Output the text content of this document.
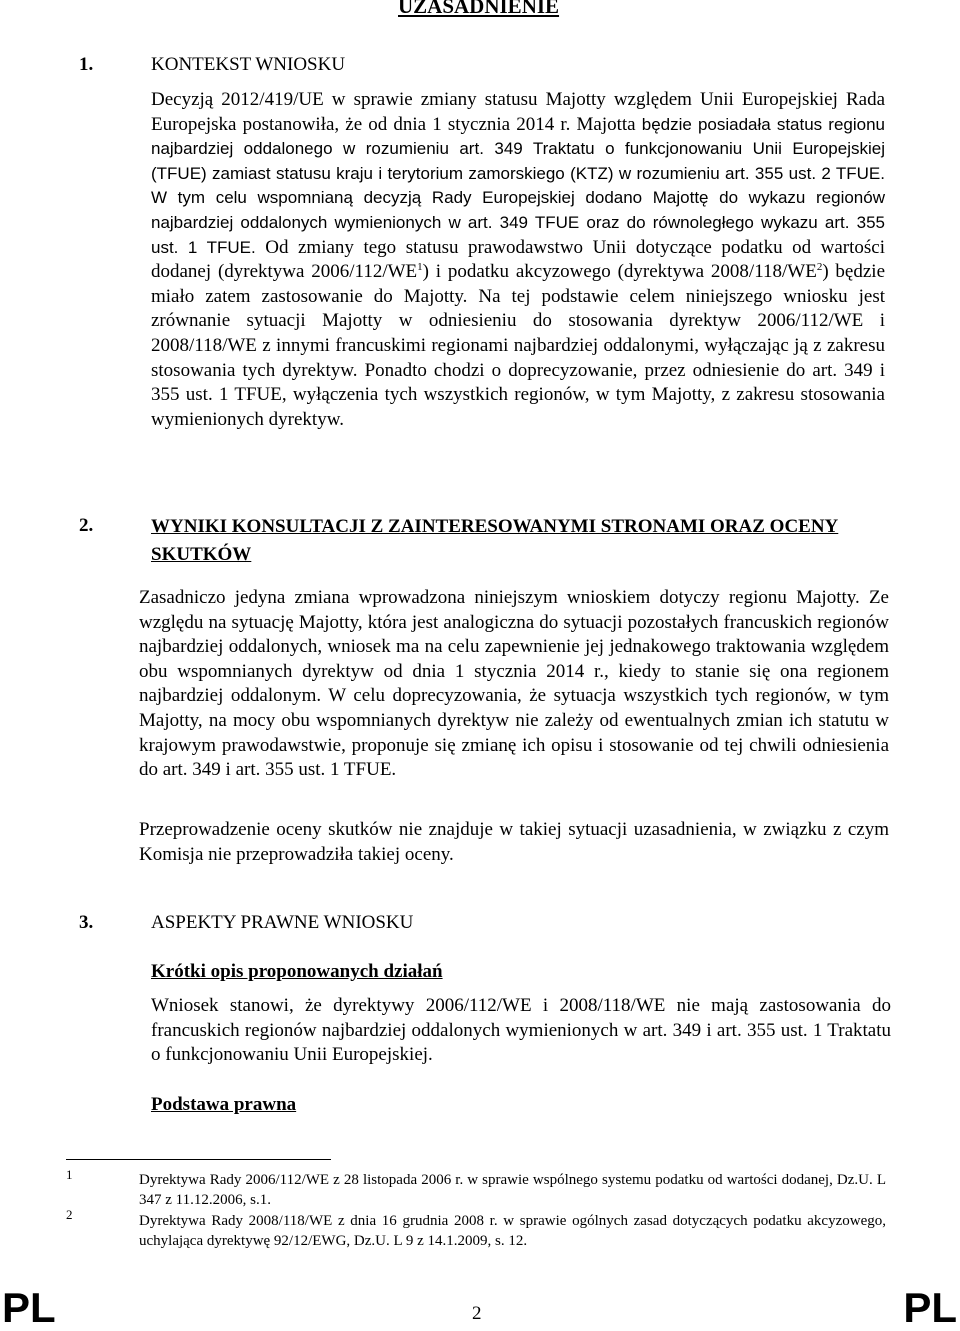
UZASADNIENIE
1.	KONTEKST WNIOSKU
Decyzją 2012/419/UE w sprawie zmiany statusu Majotty względem Unii Europejskiej Rada Europejska postanowiła, że od dnia 1 stycznia 2014 r. Majotta będzie posiadała status regionu najbardziej oddalonego w rozumieniu art. 349 Traktatu o funkcjonowaniu Unii Europejskiej (TFUE) zamiast statusu kraju i terytorium zamorskiego (KTZ) w rozumieniu art. 355 ust. 2 TFUE. W tym celu wspomnianą decyzją Rady Europejskiej dodano Majottę do wykazu regionów najbardziej oddalonych wymienionych w art. 349 TFUE oraz do równoległego wykazu art. 355 ust. 1 TFUE. Od zmiany tego statusu prawodawstwo Unii dotyczące podatku od wartości dodanej (dyrektywa $2006/112/WE^1$) i podatku akcyzowego (dyrektywa $2008/118/WE^2$) będzie miało zatem zastosowanie do Majotty. Na tej podstawie celem niniejszego wniosku jest zrównanie sytuacji Majotty w odniesieniu do stosowania dyrektyw 2006/112/WE i 2008/118/WE z innymi francuskimi regionami najbardziej oddalonymi, wyłączając ją z zakresu stosowania tych dyrektyw. Ponadto chodzi o doprecyzowanie, przez odniesienie do art. 349 i 355 ust. 1 TFUE, wyłączenia tych wszystkich regionów, w tym Majotty, z zakresu stosowania wymienionych dyrektyw.
2.	WYNIKI KONSULTACJI Z ZAINTERESOWANYMI STRONAMI ORAZ OCENY SKUTKÓW
Zasadniczo jedyna zmiana wprowadzona niniejszym wnioskiem dotyczy regionu Majotty. Ze względu na sytuację Majotty, która jest analogiczna do sytuacji pozostałych francuskich regionów najbardziej oddalonych, wniosek ma na celu zapewnienie jej jednakowego traktowania względem obu wspomnianych dyrektyw od dnia 1 stycznia 2014 r., kiedy to stanie się ona regionem najbardziej oddalonym. W celu doprecyzowania, że sytuacja wszystkich tych regionów, w tym Majotty, na mocy obu wspomnianych dyrektyw nie zależy od ewentualnych zmian ich statutu w krajowym prawodawstwie, proponuje się zmianę ich opisu i stosowanie od tej chwili odniesienia do art. 349 i art. 355 ust. 1 TFUE.
Przeprowadzenie oceny skutków nie znajduje w takiej sytuacji uzasadnienia, w związku z czym Komisja nie przeprowadziła takiej oceny.
3.	ASPEKTY PRAWNE WNIOSKU
Krótki opis proponowanych działań
Wniosek stanowi, że dyrektywy 2006/112/WE i 2008/118/WE nie mają zastosowania do francuskich regionów najbardziej oddalonych wymienionych w art. 349 i art. 355 ust. 1 Traktatu o funkcjonowaniu Unii Europejskiej.
Podstawa prawna
1	Dyrektywa Rady 2006/112/WE z 28 listopada 2006 r. w sprawie wspólnego systemu podatku od wartości dodanej, Dz.U. L 347 z 11.12.2006, s.1.
2	Dyrektywa Rady 2008/118/WE z dnia 16 grudnia 2008 r. w sprawie ogólnych zasad dotyczących podatku akcyzowego, uchylająca dyrektywę 92/12/EWG, Dz.U. L 9 z 14.1.2009, s. 12.
PL	2	PL
